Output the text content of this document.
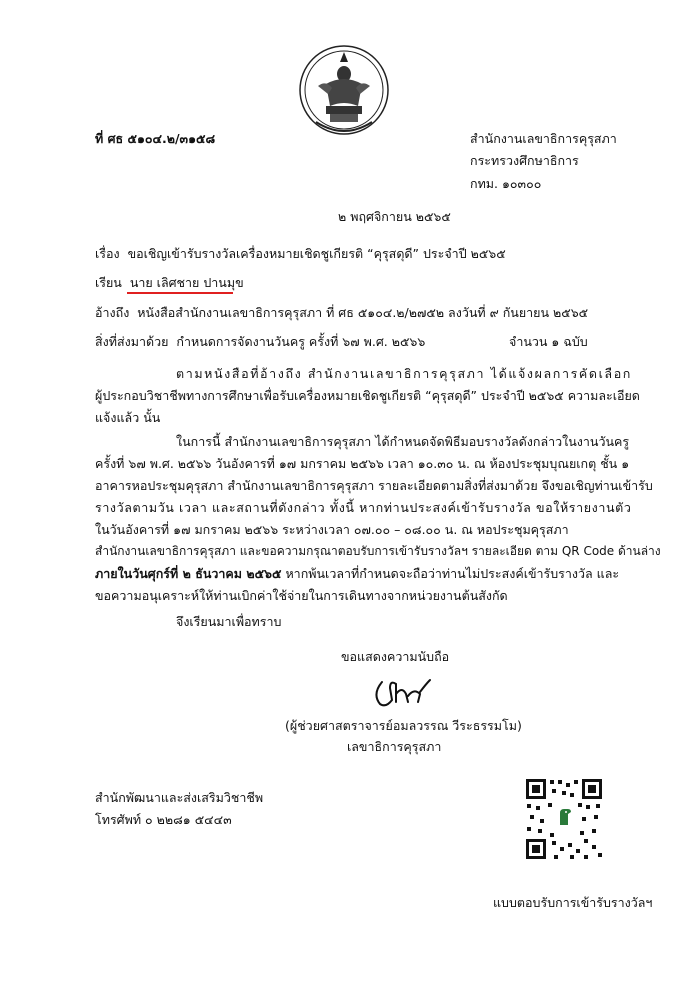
ที่ ศธ ๕๑๐๔.๒/๓๑๕๘	สำนักงานเลขาธิการคุรุสภา
กระทรวงศึกษาธิการ
กทม. ๑๐๓๐๐
๒ พฤศจิกายน ๒๕๖๕
เรื่อง ขอเชิญเข้ารับรางวัลเครื่องหมายเชิดชูเกียรติ “คุรุสดุดี” ประจำปี ๒๕๖๕
เรียน นาย เลิศชาย ปานมุข
อ้างถึง หนังสือสำนักงานเลขาธิการคุรุสภา ที่ ศธ ๕๑๐๔.๒/๒๗๕๒ ลงวันที่ ๙ กันยายน ๒๕๖๕
สิ่งที่ส่งมาด้วย กำหนดการจัดงานวันครู ครั้งที่ ๖๗ พ.ศ. ๒๕๖๖	จำนวน ๑ ฉบับ
ตามหนังสือที่อ้างถึง สำนักงานเลขาธิการคุรุสภา ได้แจ้งผลการคัดเลือก
ผู้ประกอบวิชาชีพทางการศึกษาเพื่อรับเครื่องหมายเชิดชูเกียรติ “คุรุสดุดี” ประจำปี ๒๕๖๕ ความละเอียด
แจ้งแล้ว นั้น
ในการนี้ สำนักงานเลขาธิการคุรุสภา ได้กำหนดจัดพิธีมอบรางวัลดังกล่าวในงานวันครู
ครั้งที่ ๖๗ พ.ศ. ๒๕๖๖ วันอังคารที่ ๑๗ มกราคม ๒๕๖๖ เวลา ๑๐.๓๐ น. ณ ห้องประชุมบุณยเกตุ ชั้น ๑
อาคารหอประชุมคุรุสภา สำนักงานเลขาธิการคุรุสภา รายละเอียดตามสิ่งที่ส่งมาด้วย จึงขอเชิญท่านเข้ารับ
รางวัลตามวัน เวลา และสถานที่ดังกล่าว ทั้งนี้ หากท่านประสงค์เข้ารับรางวัล ขอให้รายงานตัว
ในวันอังคารที่ ๑๗ มกราคม ๒๕๖๖ ระหว่างเวลา ๐๗.๐๐ – ๐๘.๐๐ น. ณ หอประชุมคุรุสภา
สำนักงานเลขาธิการคุรุสภา และขอความกรุณาตอบรับการเข้ารับรางวัลฯ รายละเอียด ตาม QR Code ด้านล่าง
ภายในวันศุกร์ที่ ๒ ธันวาคม ๒๕๖๕ หากพ้นเวลาที่กำหนดจะถือว่าท่านไม่ประสงค์เข้ารับรางวัล และ
ขอความอนุเคราะห์ให้ท่านเบิกค่าใช้จ่ายในการเดินทางจากหน่วยงานต้นสังกัด
จึงเรียนมาเพื่อทราบ
ขอแสดงความนับถือ
(ผู้ช่วยศาสตราจารย์อมลวรรณ วีระธรรมโม)
เลขาธิการคุรุสภา
สำนักพัฒนาและส่งเสริมวิชาชีพ
โทรศัพท์ ๐ ๒๒๘๑ ๕๔๔๓
แบบตอบรับการเข้ารับรางวัลฯ
